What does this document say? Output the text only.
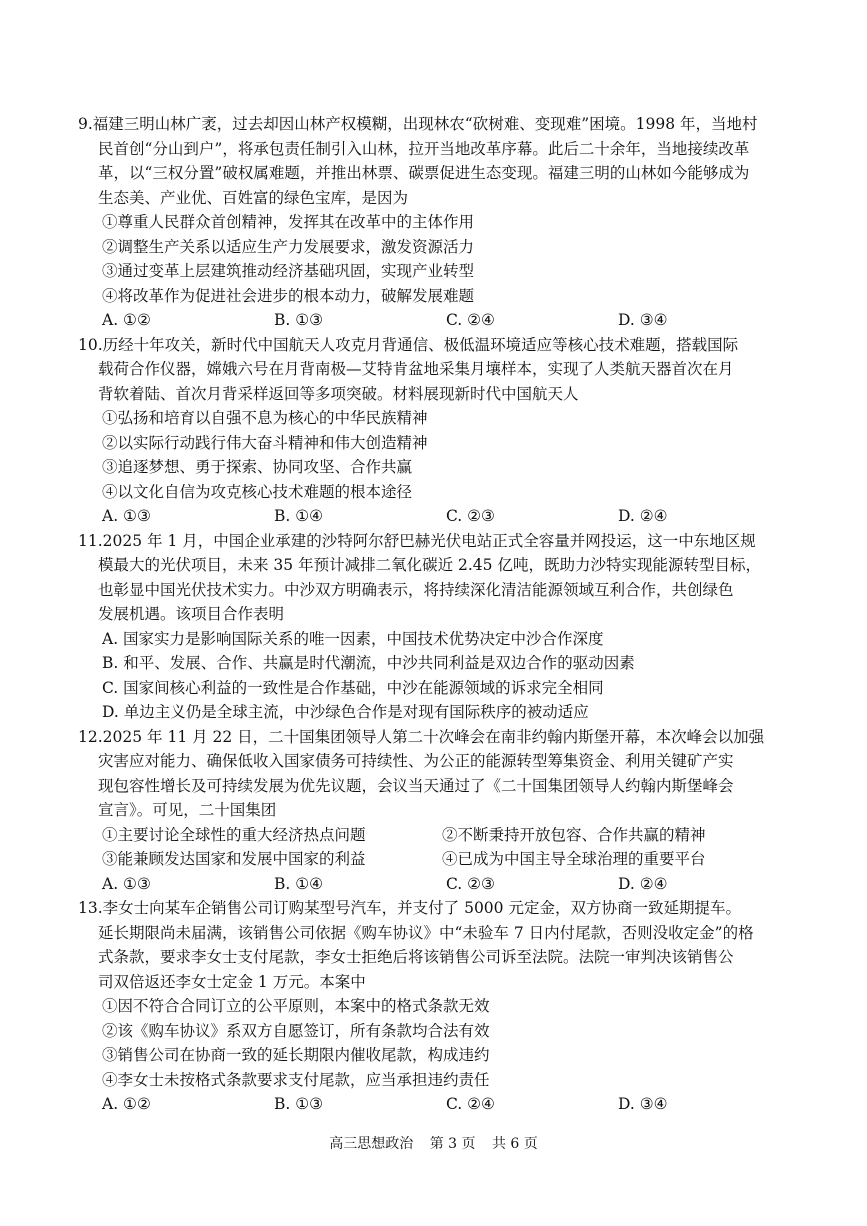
9.福建三明山林广袤，过去却因山林产权模糊，出现林农“砍树难、变现难”困境。1998 年，当地村

民首创“分山到户”，将承包责任制引入山林，拉开当地改革序幕。此后二十余年，当地接续改革

革，以“三权分置”破权属难题，并推出林票、碳票促进生态变现。福建三明的山林如今能够成为

生态美、产业优、百姓富的绿色宝库，是因为

①尊重人民群众首创精神，发挥其在改革中的主体作用

②调整生产关系以适应生产力发展要求，激发资源活力

③通过变革上层建筑推动经济基础巩固，实现产业转型

④将改革作为促进社会进步的根本动力，破解发展难题

A. ①②	B. ①③	C. ②④	D. ③④

10.历经十年攻关，新时代中国航天人攻克月背通信、极低温环境适应等核心技术难题，搭载国际

载荷合作仪器，嫦娥六号在月背南极—艾特肯盆地采集月壤样本，实现了人类航天器首次在月

背软着陆、首次月背采样返回等多项突破。材料展现新时代中国航天人

①弘扬和培育以自强不息为核心的中华民族精神

②以实际行动践行伟大奋斗精神和伟大创造精神

③追逐梦想、勇于探索、协同攻坚、合作共赢

④以文化自信为攻克核心技术难题的根本途径

A. ①③	B. ①④	C. ②③	D. ②④

11.2025 年 1 月，中国企业承建的沙特阿尔舒巴赫光伏电站正式全容量并网投运，这一中东地区规

模最大的光伏项目，未来 35 年预计减排二氧化碳近 2.45 亿吨，既助力沙特实现能源转型目标，

也彰显中国光伏技术实力。中沙双方明确表示，将持续深化清洁能源领域互利合作，共创绿色

发展机遇。该项目合作表明

A. 国家实力是影响国际关系的唯一因素，中国技术优势决定中沙合作深度

B. 和平、发展、合作、共赢是时代潮流，中沙共同利益是双边合作的驱动因素

C. 国家间核心利益的一致性是合作基础，中沙在能源领域的诉求完全相同

D. 单边主义仍是全球主流，中沙绿色合作是对现有国际秩序的被动适应

12.2025 年 11 月 22 日，二十国集团领导人第二十次峰会在南非约翰内斯堡开幕，本次峰会以加强

灾害应对能力、确保低收入国家债务可持续性、为公正的能源转型筹集资金、利用关键矿产实

现包容性增长及可持续发展为优先议题，会议当天通过了《二十国集团领导人约翰内斯堡峰会

宣言》。可见，二十国集团

①主要讨论全球性的重大经济热点问题	②不断秉持开放包容、合作共赢的精神
③能兼顾发达国家和发展中国家的利益	④已成为中国主导全球治理的重要平台
A. ①③	B. ①④	C. ②③	D. ②④

13.李女士向某车企销售公司订购某型号汽车，并支付了 5000 元定金，双方协商一致延期提车。

延长期限尚未届满，该销售公司依据《购车协议》中“未验车 7 日内付尾款，否则没收定金”的格

式条款，要求李女士支付尾款，李女士拒绝后将该销售公司诉至法院。法院一审判决该销售公

司双倍返还李女士定金 1 万元。本案中

①因不符合合同订立的公平原则，本案中的格式条款无效

②该《购车协议》系双方自愿签订，所有条款均合法有效

③销售公司在协商一致的延长期限内催收尾款，构成违约

④李女士未按格式条款要求支付尾款，应当承担违约责任

A. ①②	B. ①③	C. ②④	D. ③④
高三思想政治 第 3 页 共 6 页
